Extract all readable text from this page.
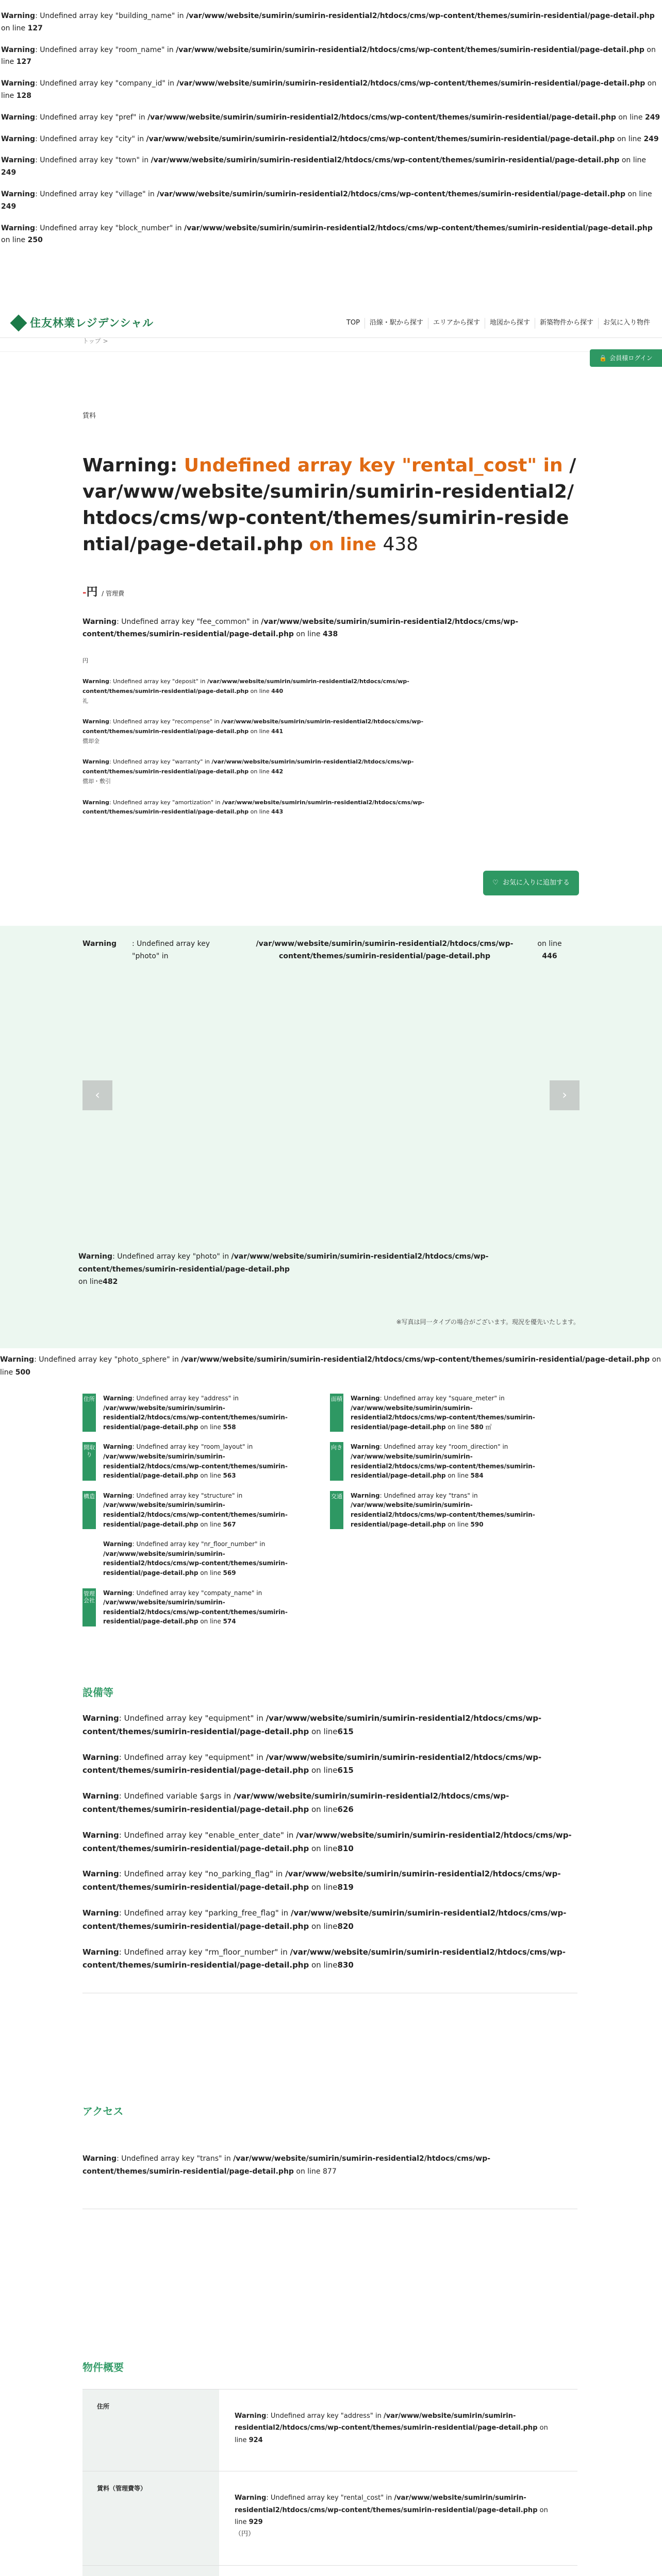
Warning: Undefined array key "building_name" in /var/www/website/sumirin/sumirin-residential2/htdocs/cms/wp-content/themes/sumirin-residential/page-detail.php on line 127
Warning: Undefined array key "room_name" in /var/www/website/sumirin/sumirin-residential2/htdocs/cms/wp-content/themes/sumirin-residential/page-detail.php on line 127
Warning: Undefined array key "company_id" in /var/www/website/sumirin/sumirin-residential2/htdocs/cms/wp-content/themes/sumirin-residential/page-detail.php on line 128
Warning: Undefined array key "pref" in /var/www/website/sumirin/sumirin-residential2/htdocs/cms/wp-content/themes/sumirin-residential/page-detail.php on line 249
Warning: Undefined array key "city" in /var/www/website/sumirin/sumirin-residential2/htdocs/cms/wp-content/themes/sumirin-residential/page-detail.php on line 249
Warning: Undefined array key "town" in /var/www/website/sumirin/sumirin-residential2/htdocs/cms/wp-content/themes/sumirin-residential/page-detail.php on line 249
Warning: Undefined array key "village" in /var/www/website/sumirin/sumirin-residential2/htdocs/cms/wp-content/themes/sumirin-residential/page-detail.php on line 249
Warning: Undefined array key "block_number" in /var/www/website/sumirin/sumirin-residential2/htdocs/cms/wp-content/themes/sumirin-residential/page-detail.php on line 250
住友林業レジデンシャル	TOP	沿線・駅から探す	エリアから探す	地図から探す	新築物件から探す	お気に入り物件
トップ >
🔒 会員様ログイン
賃料
Warning: Undefined array key "rental_cost" in /var/www/website/sumirin/sumirin-residential2/htdocs/cms/wp-content/themes/sumirin-residential/page-detail.php on line 438
-円 / 管理費
Warning: Undefined array key "fee_common" in /var/www/website/sumirin/sumirin-residential2/htdocs/cms/wp-content/themes/sumirin-residential/page-detail.php on line 438
円
Warning: Undefined array key "deposit" in /var/www/website/sumirin/sumirin-residential2/htdocs/cms/wp-content/themes/sumirin-residential/page-detail.php on line 440
礼
Warning: Undefined array key "recompense" in /var/www/website/sumirin/sumirin-residential2/htdocs/cms/wp-content/themes/sumirin-residential/page-detail.php on line 441
償却金
Warning: Undefined array key "warranty" in /var/www/website/sumirin/sumirin-residential2/htdocs/cms/wp-content/themes/sumirin-residential/page-detail.php on line 442
償却・敷引
Warning: Undefined array key "amortization" in /var/www/website/sumirin/sumirin-residential2/htdocs/cms/wp-content/themes/sumirin-residential/page-detail.php on line 443
♡ お気に入りに追加する
Warning	: Undefined array key "photo" in
/var/www/website/sumirin/sumirin-residential2/htdocs/cms/wp-content/themes/sumirin-residential/page-detail.php
on line 446
‹	›
Warning: Undefined array key "photo" in /var/www/website/sumirin/sumirin-residential2/htdocs/cms/wp-content/themes/sumirin-residential/page-detail.php
on line482
※写真は同一タイプの場合がございます。現況を優先いたします。
Warning: Undefined array key "photo_sphere" in /var/www/website/sumirin/sumirin-residential2/htdocs/cms/wp-content/themes/sumirin-residential/page-detail.php on line 500
住所 Warning: Undefined array key "address" in /var/www/website/sumirin/sumirin-residential2/htdocs/cms/wp-content/themes/sumirin-residential/page-detail.php on line 558
間取り
Warning: Undefined array key "room_layout" in /var/www/website/sumirin/sumirin-residential2/htdocs/cms/wp-content/themes/sumirin-residential/page-detail.php on line 563
構造 Warning: Undefined array key "structure" in /var/www/website/sumirin/sumirin-residential2/htdocs/cms/wp-content/themes/sumirin-residential/page-detail.php on line 567
Warning: Undefined array key "nr_floor_number" in /var/www/website/sumirin/sumirin-residential2/htdocs/cms/wp-content/themes/sumirin-residential/page-detail.php on line 569
管理会社
Warning: Undefined array key "compaty_name" in /var/www/website/sumirin/sumirin-residential2/htdocs/cms/wp-content/themes/sumirin-residential/page-detail.php on line 574
面積 Warning: Undefined array key "square_meter" in /var/www/website/sumirin/sumirin-residential2/htdocs/cms/wp-content/themes/sumirin-residential/page-detail.php on line 580 ㎡
向き Warning: Undefined array key "room_direction" in /var/www/website/sumirin/sumirin-residential2/htdocs/cms/wp-content/themes/sumirin-residential/page-detail.php on line 584
交通 Warning: Undefined array key "trans" in /var/www/website/sumirin/sumirin-residential2/htdocs/cms/wp-content/themes/sumirin-residential/page-detail.php on line 590
設備等

Warning: Undefined array key "equipment" in /var/www/website/sumirin/sumirin-residential2/htdocs/cms/wp-content/themes/sumirin-residential/page-detail.php on line615

Warning: Undefined array key "equipment" in /var/www/website/sumirin/sumirin-residential2/htdocs/cms/wp-content/themes/sumirin-residential/page-detail.php on line615

Warning: Undefined variable $args in /var/www/website/sumirin/sumirin-residential2/htdocs/cms/wp-content/themes/sumirin-residential/page-detail.php on line626

Warning: Undefined array key "enable_enter_date" in /var/www/website/sumirin/sumirin-residential2/htdocs/cms/wp-content/themes/sumirin-residential/page-detail.php on line810

Warning: Undefined array key "no_parking_flag" in /var/www/website/sumirin/sumirin-residential2/htdocs/cms/wp-content/themes/sumirin-residential/page-detail.php on line819

Warning: Undefined array key "parking_free_flag" in /var/www/website/sumirin/sumirin-residential2/htdocs/cms/wp-content/themes/sumirin-residential/page-detail.php on line820

Warning: Undefined array key "rm_floor_number" in /var/www/website/sumirin/sumirin-residential2/htdocs/cms/wp-content/themes/sumirin-residential/page-detail.php on line830

アクセス
Warning: Undefined array key "trans" in /var/www/website/sumirin/sumirin-residential2/htdocs/cms/wp-content/themes/sumirin-residential/page-detail.php on line 877
物件概要
住所

Warning: Undefined array key "address" in /var/www/website/sumirin/sumirin-residential2/htdocs/cms/wp-content/themes/sumirin-residential/page-detail.php on line 924

賃料（管理費等）

Warning: Undefined array key "rental_cost" in /var/www/website/sumirin/sumirin-residential2/htdocs/cms/wp-content/themes/sumirin-residential/page-detail.php on line 929
（円）
